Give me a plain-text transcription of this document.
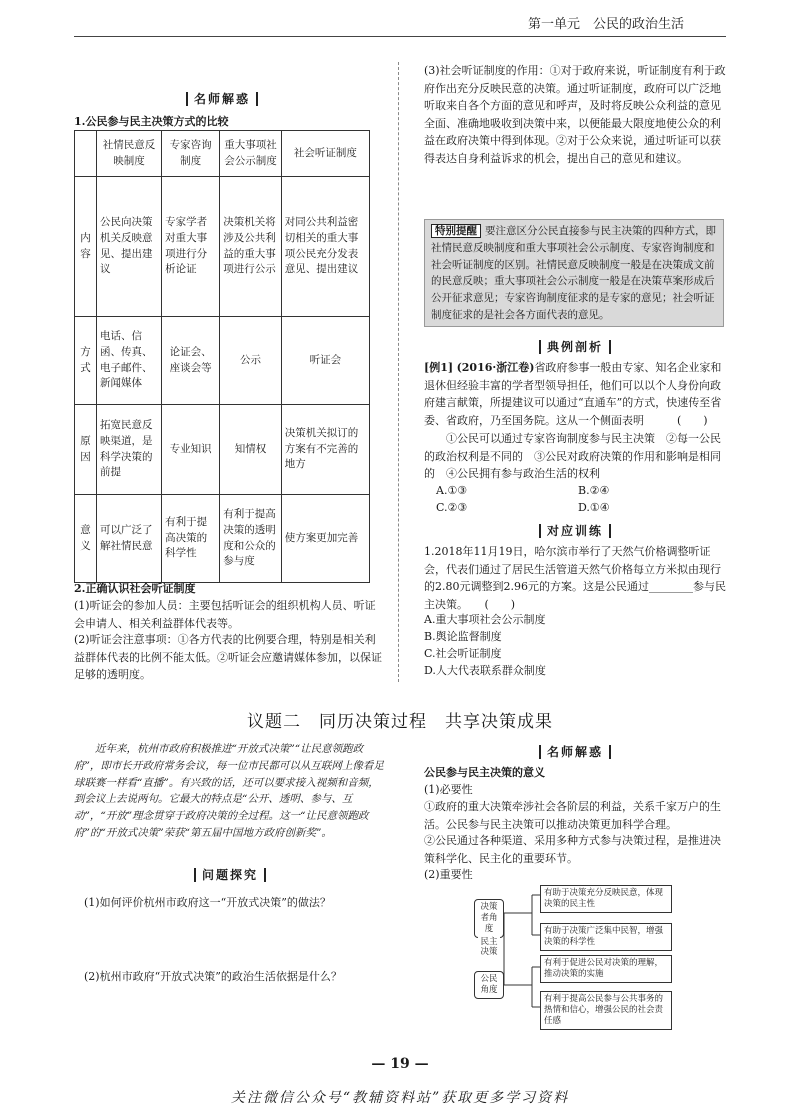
第一单元　公民的政治生活
名师解惑

1.公民参与民主决策方式的比较

	社情民意反映制度	专家咨询制度	重大事项社会公示制度	社会听证制度
内容	公民向决策机关反映意见、提出建议	专家学者对重大事项进行分析论证	决策机关将涉及公共利益的重大事项进行公示	对同公共利益密切相关的重大事项公民充分发表意见、提出建议
方式	电话、信函、传真、电子邮件、新闻媒体	论证会、座谈会等	公示	听证会
原因	拓宽民意反映渠道，是科学决策的前提	专业知识	知情权	决策机关拟订的方案有不完善的地方
意义	可以广泛了解社情民意	有利于提高决策的科学性	有利于提高决策的透明度和公众的参与度	使方案更加完善

2.正确认识社会听证制度

(1)听证会的参加人员：主要包括听证会的组织机构人员、听证会申请人、相关利益群体代表等。

(2)听证会注意事项：①各方代表的比例要合理，特别是相关利益群体代表的比例不能太低。②听证会应邀请媒体参加，以保证足够的透明度。

(3)社会听证制度的作用：①对于政府来说，听证制度有利于政府作出充分反映民意的决策。通过听证制度，政府可以广泛地听取来自各个方面的意见和呼声，及时将反映公众利益的意见全面、准确地吸收到决策中来，以便能最大限度地使公众的利益在政府决策中得到体现。②对于公众来说，通过听证可以获得表达自身利益诉求的机会，提出自己的意见和建议。

特别提醒 要注意区分公民直接参与民主决策的四种方式，即社情民意反映制度和重大事项社会公示制度、专家咨询制度和社会听证制度的区别。社情民意反映制度一般是在决策成文前的民意反映；重大事项社会公示制度一般是在决策草案形成后公开征求意见；专家咨询制度征求的是专家的意见；社会听证制度征求的是社会各方面代表的意见。
典例剖析

[例1] (2016·浙江卷)省政府参事一般由专家、知名企业家和退休但经验丰富的学者型领导担任，他们可以以个人身份向政府建言献策，所提建议可以通过“直通车”的方式，快速传至省委、省政府，乃至国务院。这从一个侧面表明　　　(　　)

①公民可以通过专家咨询制度参与民主决策　②每一公民的政治权利是不同的　③公民对政府决策的作用和影响是相同的　④公民拥有参与政治生活的权利

A.①③	B.②④

C.②③	D.①④

对应训练

1.2018年11月19日，哈尔滨市举行了天然气价格调整听证会，代表们通过了居民生活管道天然气价格每立方米拟由现行的2.80元调整到2.96元的方案。这是公民通过________参与民主决策。　　(　　)

A.重大事项社会公示制度

B.舆论监督制度

C.社会听证制度

D.人大代表联系群众制度

议题二　同历决策过程　共享决策成果

近年来，杭州市政府积极推进“开放式决策”“让民意领跑政府”，即市长开政府常务会议，每一位市民都可以从互联网上像看足球联赛一样看“直播”。有兴致的话，还可以要求接入视频和音频，到会议上去说两句。它最大的特点是“公开、透明、参与、互动”，“开放”理念贯穿于政府决策的全过程。这一“让民意领跑政府”的“开放式决策”荣获“第五届中国地方政府创新奖”。

问题探究

(1)如何评价杭州市政府这一“开放式决策”的做法？

(2)杭州市政府“开放式决策”的政治生活依据是什么？

名师解惑

公民参与民主决策的意义

(1)必要性

①政府的重大决策牵涉社会各阶层的利益，关系千家万户的生活。公民参与民主决策可以推动决策更加科学合理。

②公民通过各种渠道、采用多种方式参与决策过程，是推进决策科学化、民主化的重要环节。

(2)重要性

决策者角度
公民角度
民主决策
有助于决策充分反映民意，体现决策的民主性
有助于决策广泛集中民智，增强决策的科学性
有利于促进公民对决策的理解，推动决策的实施
有利于提高公民参与公共事务的热情和信心，增强公民的社会责任感
— 19 —
关注微信公众号“教辅资料站”获取更多学习资料
